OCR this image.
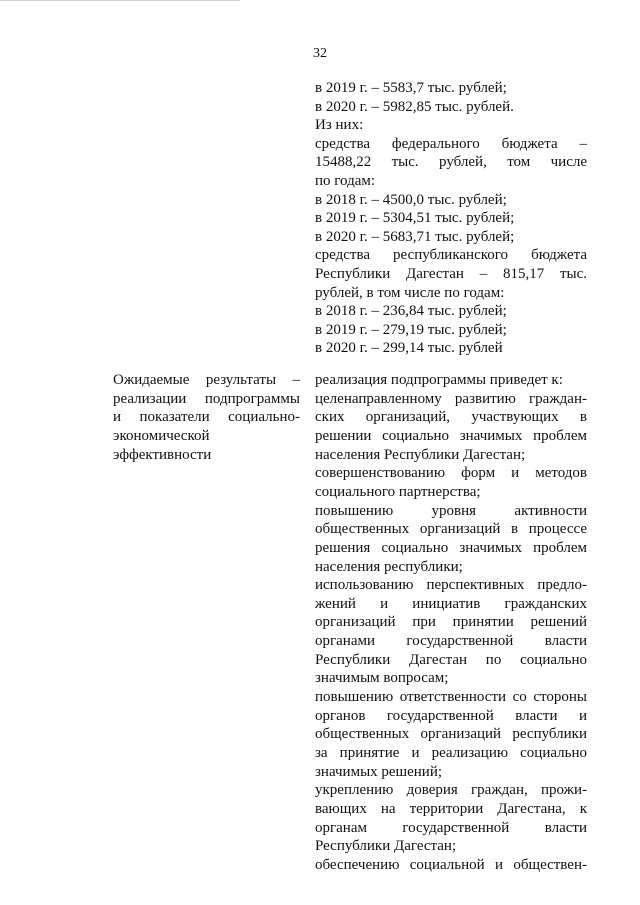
32
в 2019 г. – 5583,7 тыс. рублей;
в 2020 г. – 5982,85 тыс. рублей.
Из них:
средства федерального бюджета –
15488,22 тыс. рублей, том числе
по годам:
в 2018 г. – 4500,0 тыс. рублей;
в 2019 г. – 5304,51 тыс. рублей;
в 2020 г. – 5683,71 тыс. рублей;
средства республиканского бюджета
Республики Дагестан – 815,17 тыс.
рублей, в том числе по годам:
в 2018 г. – 236,84 тыс. рублей;
в 2019 г. – 279,19 тыс. рублей;
в 2020 г. – 299,14 тыс. рублей
Ожидаемые результаты –
реализации подпрограммы
и показатели социально-
экономической
эффективности
реализация подпрограммы приведет к:
целенаправленному развитию граждан-
ских организаций, участвующих в
решении социально значимых проблем
населения Республики Дагестан;
совершенствованию форм и методов
социального партнерства;
повышению уровня активности
общественных организаций в процессе
решения социально значимых проблем
населения республики;
использованию перспективных предло-
жений и инициатив гражданских
организаций при принятии решений
органами государственной власти
Республики Дагестан по социально
значимым вопросам;
повышению ответственности со стороны
органов государственной власти и
общественных организаций республики
за принятие и реализацию социально
значимых решений;
укреплению доверия граждан, прожи-
вающих на территории Дагестана, к
органам государственной власти
Республики Дагестан;
обеспечению социальной и обществен-
